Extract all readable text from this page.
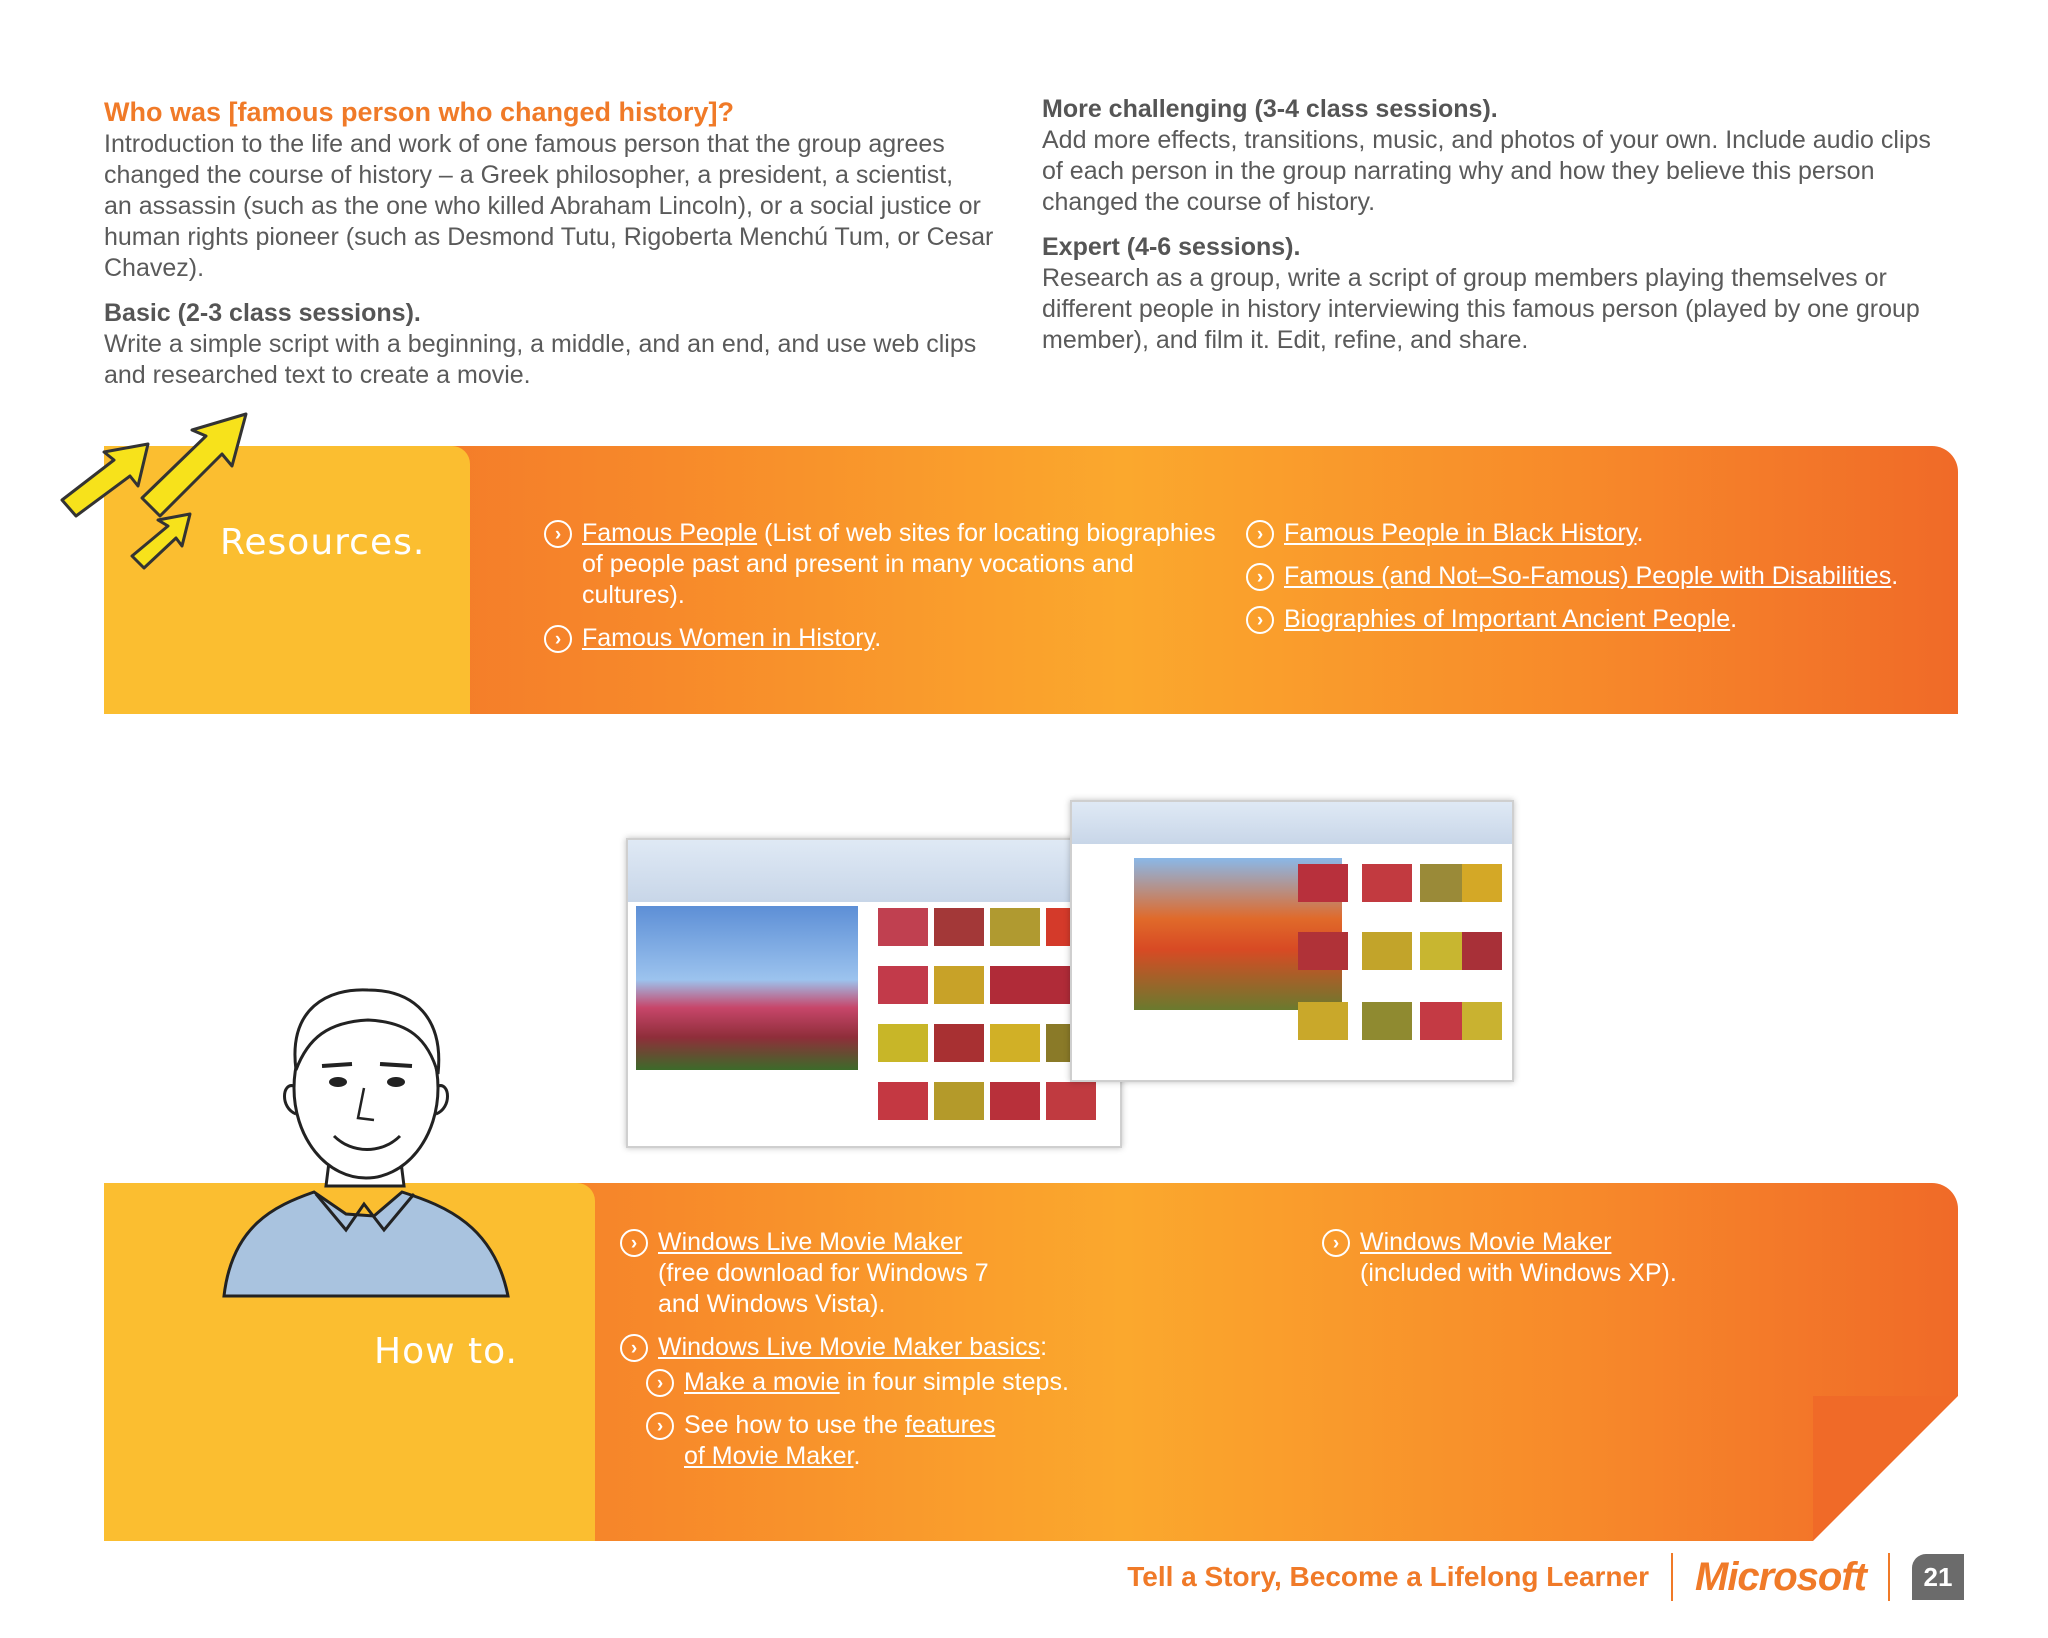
Who was [famous person who changed history]?

Introduction to the life and work of one famous person that the group agrees

changed the course of history – a Greek philosopher, a president, a scientist,

an assassin (such as the one who killed Abraham Lincoln), or a social justice or

human rights pioneer (such as Desmond Tutu, Rigoberta Menchú Tum, or Cesar

Chavez).

Basic (2-3 class sessions).

Write a simple script with a beginning, a middle, and an end, and use web clips

and researched text to create a movie.

More challenging (3-4 class sessions).

Add more effects, transitions, music, and photos of your own. Include audio clips

of each person in the group narrating why and how they believe this person

changed the course of history.

Expert (4-6 sessions).

Research as a group, write a script of group members playing themselves or

different people in history interviewing this famous person (played by one group

member), and film it. Edit, refine, and share.

Resources.	› Famous People (List of web sites for locating biographies
of people past and present in many vocations and
cultures).
› Famous Women in History.
› Famous People in Black History.
› Famous (and Not–So-Famous) People with Disabilities.
› Biographies of Important Ancient People.
How to.
› Windows Live Movie Maker
(free download for Windows 7
and Windows Vista).
› Windows Live Movie Maker basics:
› Make a movie in four simple steps.
› See how to use the features
of Movie Maker.
› Windows Movie Maker
(included with Windows XP).
Tell a Story, Become a Lifelong Learner Microsoft	21
